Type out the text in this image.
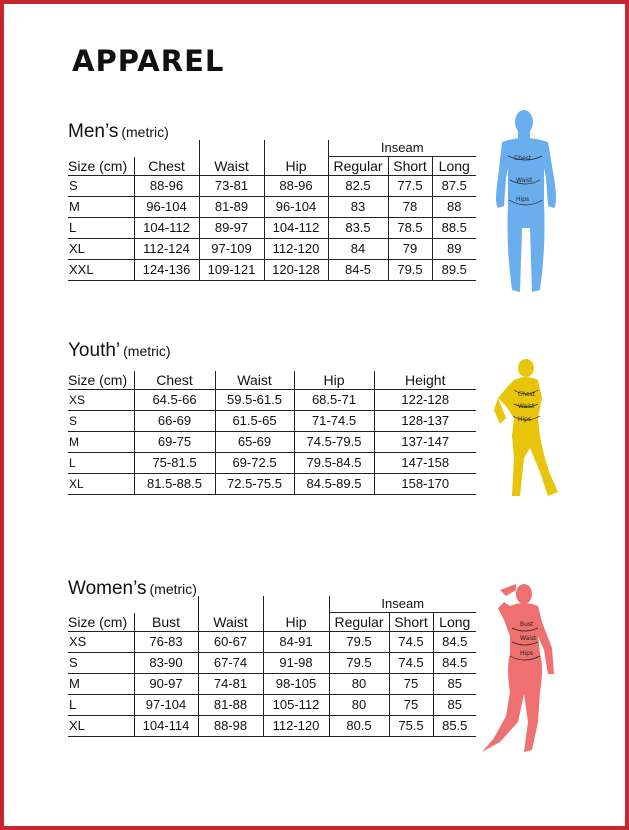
APPAREL
Men’s (metric)
				Inseam		
Size (cm)	Chest	Waist	Hip	Regular	Short	Long
S	88-96	73-81	88-96	82.5	77.5	87.5
M	96-104	81-89	96-104	83	78	88
L	104-112	89-97	104-112	83.5	78.5	88.5
XL	112-124	97-109	112-120	84	79	89
XXL	124-136	109-121	120-128	84-5	79.5	89.5
Chest
Waist
Hips
Youth’ (metric)
Size (cm)	Chest	Waist	Hip	Height
XS	64.5-66	59.5-61.5	68.5-71	122-128
S	66-69	61.5-65	71-74.5	128-137
M	69-75	65-69	74.5-79.5	137-147
L	75-81.5	69-72.5	79.5-84.5	147-158
XL	81.5-88.5	72.5-75.5	84.5-89.5	158-170
Chest
Waist
Hips
Women’s (metric)
				Inseam		
Size (cm)	Bust	Waist	Hip	Regular	Short	Long
XS	76-83	60-67	84-91	79.5	74.5	84.5
S	83-90	67-74	91-98	79.5	74.5	84.5
M	90-97	74-81	98-105	80	75	85
L	97-104	81-88	105-112	80	75	85
XL	104-114	88-98	112-120	80.5	75.5	85.5
Bust
Waist
Hips
